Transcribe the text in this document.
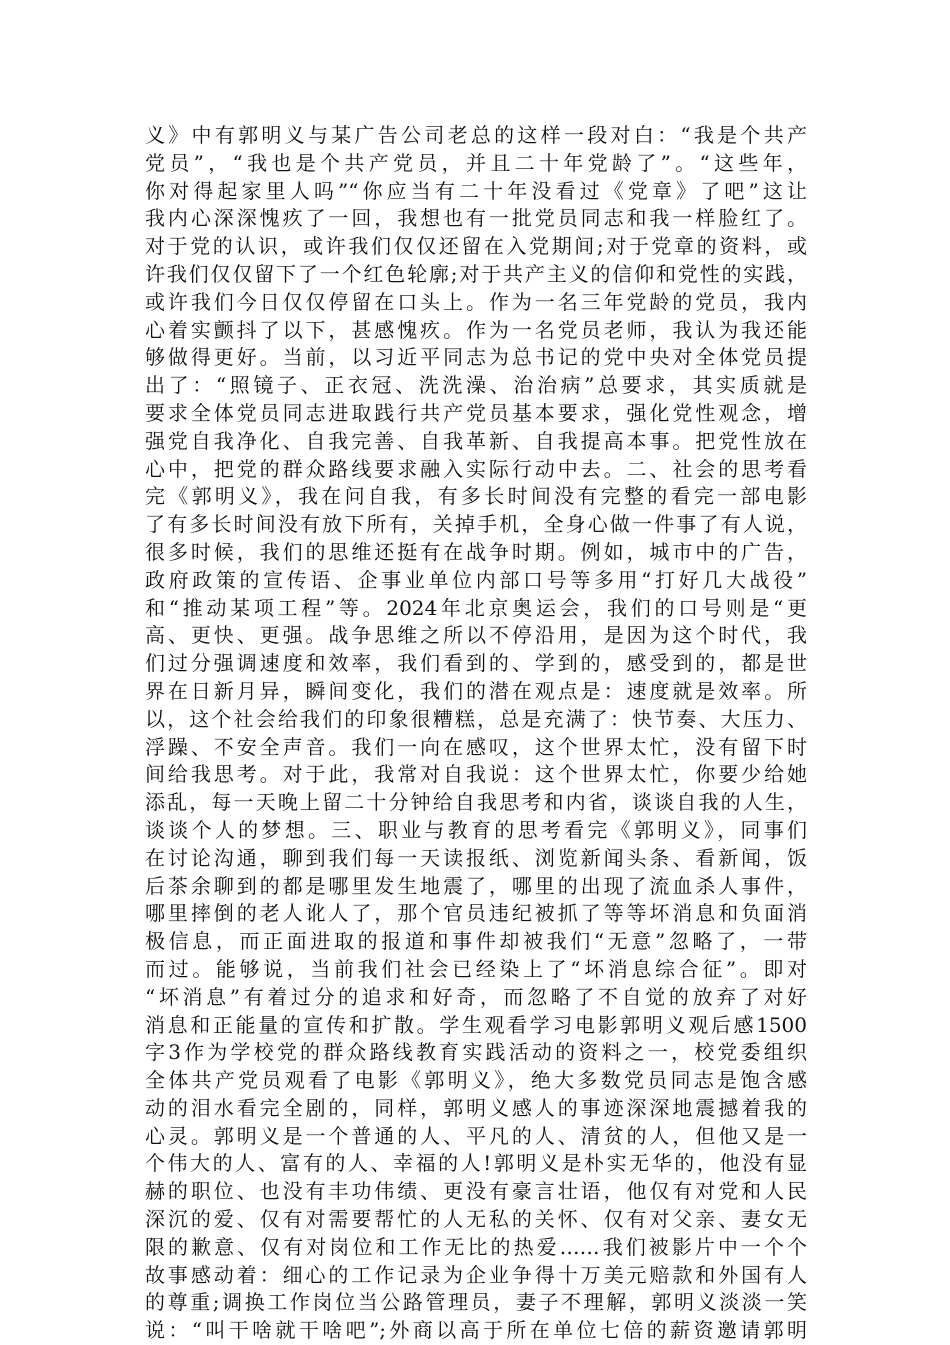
义》中有郭明义与某广告公司老总的这样一段对白：“我是个共产
党员”，“我也是个共产党员，并且二十年党龄了”。“这些年，
你对得起家里人吗”“你应当有二十年没看过《党章》了吧”这让
我内心深深愧疚了一回，我想也有一批党员同志和我一样脸红了。
对于党的认识，或许我们仅仅还留在入党期间;对于党章的资料，或
许我们仅仅留下了一个红色轮廓;对于共产主义的信仰和党性的实践，
或许我们今日仅仅停留在口头上。作为一名三年党龄的党员，我内
心着实颤抖了以下，甚感愧疚。作为一名党员老师，我认为我还能
够做得更好。当前，以习近平同志为总书记的党中央对全体党员提
出了：“照镜子、正衣冠、洗洗澡、治治病”总要求，其实质就是
要求全体党员同志进取践行共产党员基本要求，强化党性观念，增
强党自我净化、自我完善、自我革新、自我提高本事。把党性放在
心中，把党的群众路线要求融入实际行动中去。二、社会的思考看
完《郭明义》，我在问自我，有多长时间没有完整的看完一部电影
了有多长时间没有放下所有，关掉手机，全身心做一件事了有人说，
很多时候，我们的思维还挺有在战争时期。例如，城市中的广告，
政府政策的宣传语、企事业单位内部口号等多用“打好几大战役”
和“推动某项工程”等。2024年北京奥运会，我们的口号则是“更
高、更快、更强。战争思维之所以不停沿用，是因为这个时代，我
们过分强调速度和效率，我们看到的、学到的，感受到的，都是世
界在日新月异，瞬间变化，我们的潜在观点是：速度就是效率。所
以，这个社会给我们的印象很糟糕，总是充满了：快节奏、大压力、
浮躁、不安全声音。我们一向在感叹，这个世界太忙，没有留下时
间给我思考。对于此，我常对自我说：这个世界太忙，你要少给她
添乱，每一天晚上留二十分钟给自我思考和内省，谈谈自我的人生，
谈谈个人的梦想。三、职业与教育的思考看完《郭明义》，同事们
在讨论沟通，聊到我们每一天读报纸、浏览新闻头条、看新闻，饭
后茶余聊到的都是哪里发生地震了，哪里的出现了流血杀人事件，
哪里摔倒的老人讹人了，那个官员违纪被抓了等等坏消息和负面消
极信息，而正面进取的报道和事件却被我们“无意”忽略了，一带
而过。能够说，当前我们社会已经染上了“坏消息综合征”。即对
“坏消息”有着过分的追求和好奇，而忽略了不自觉的放弃了对好
消息和正能量的宣传和扩散。学生观看学习电影郭明义观后感1500
字3作为学校党的群众路线教育实践活动的资料之一，校党委组织
全体共产党员观看了电影《郭明义》，绝大多数党员同志是饱含感
动的泪水看完全剧的，同样，郭明义感人的事迹深深地震撼着我的
心灵。郭明义是一个普通的人、平凡的人、清贫的人，但他又是一
个伟大的人、富有的人、幸福的人!郭明义是朴实无华的，他没有显
赫的职位、也没有丰功伟绩、更没有豪言壮语，他仅有对党和人民
深沉的爱、仅有对需要帮忙的人无私的关怀、仅有对父亲、妻女无
限的歉意、仅有对岗位和工作无比的热爱……我们被影片中一个个
故事感动着：细心的工作记录为企业争得十万美元赔款和外国有人
的尊重;调换工作岗位当公路管理员，妻子不理解，郭明义淡淡一笑
说：“叫干啥就干啥吧”;外商以高于所在单位七倍的薪资邀请郭明
